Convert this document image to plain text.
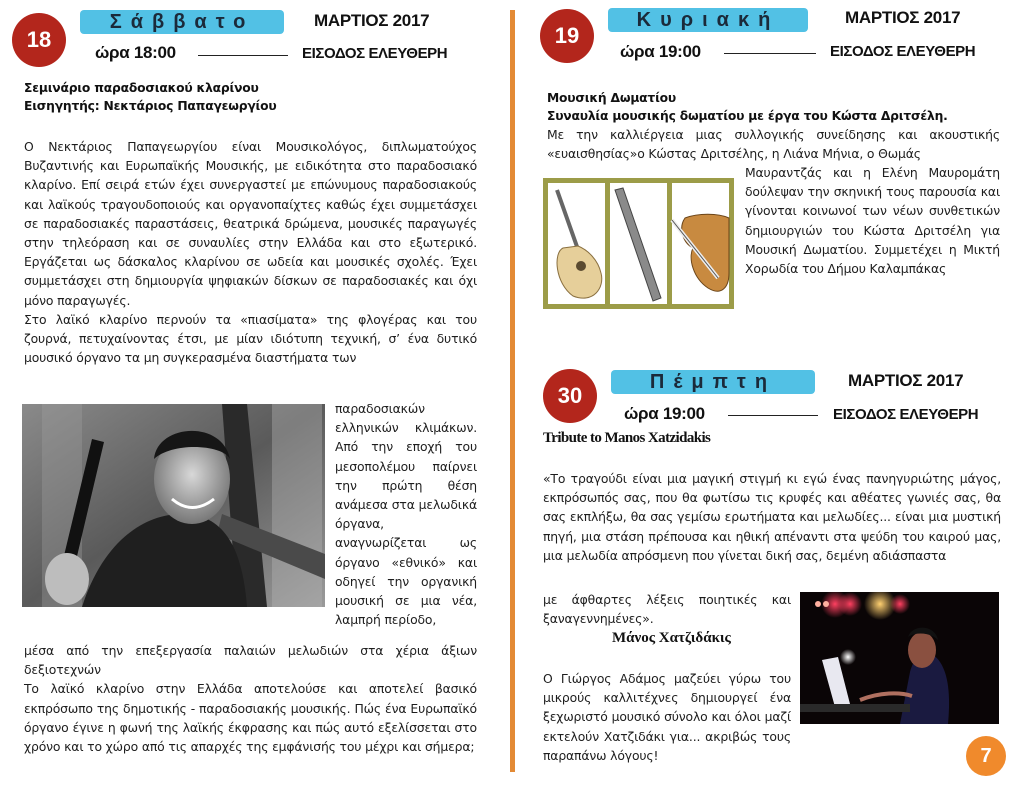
18
Σάββατο	ΜΑΡΤΙΟΣ 2017
ώρα 18:00	ΕΙΣΟΔΟΣ ΕΛΕΥΘΕΡΗ
Σεμινάριο παραδοσιακού κλαρίνου
Εισηγητής: Νεκτάριος Παπαγεωργίου

Ο Νεκτάριος Παπαγεωργίου είναι Μουσικολόγος, διπλωματούχος Βυζαντινής και Ευρωπαϊκής Μουσικής, με ειδικότητα στο παραδοσιακό κλαρίνο. Επί σειρά ετών έχει συνεργαστεί με επώνυμους παραδοσιακούς και λαϊκούς τραγουδοποιούς και οργανοπαίχτες καθώς έχει συμμετάσχει σε παραδοσιακές παραστάσεις, θεατρικά δρώμενα, μουσικές παραγωγές στην τηλεόραση και σε συναυλίες στην Ελλάδα και στο εξωτερικό. Εργάζεται ως δάσκαλος κλαρίνου σε ωδεία και μουσικές σχολές. Έχει συμμετάσχει στη δημιουργία ψηφιακών δίσκων σε παραδοσιακές και όχι μόνο παραγωγές.

Στο λαϊκό κλαρίνο περνούν τα «πιασίματα» της φλογέρας και του ζουρνά, πετυχαίνοντας έτσι, με μίαν ιδιότυπη τεχνική, σ’ ένα δυτικό μουσικό όργανο τα μη συγκερασμένα διαστήματα των

παραδοσιακών ελληνικών κλιμάκων. Από την εποχή του μεσοπολέμου παίρνει την πρώτη θέση ανάμεσα στα μελωδικά όργανα, αναγνωρίζεται ως όργανο «εθνικό» και οδηγεί την οργανική μουσική σε μια νέα, λαμπρή περίοδο,

μέσα από την επεξεργασία παλαιών μελωδιών στα χέρια άξιων δεξιοτεχνών

Το λαϊκό κλαρίνο στην Ελλάδα αποτελούσε και αποτελεί βασικό εκπρόσωπο της δημοτικής - παραδοσιακής μουσικής. Πώς ένα Ευρωπαϊκό όργανο έγινε η φωνή της λαϊκής έκφρασης και πώς αυτό εξελίσσεται στο χρόνο και το χώρο από τις απαρχές της εμφάνισής του μέχρι και σήμερα;

19
Κυριακή	ΜΑΡΤΙΟΣ 2017
ώρα 19:00	ΕΙΣΟΔΟΣ ΕΛΕΥΘΕΡΗ
Μουσική Δωματίου
Συναυλία μουσικής δωματίου με έργα του Κώστα Δριτσέλη.

Με την καλλιέργεια μιας συλλογικής συνείδησης και ακουστικής «ευαισθησίας»ο Κώστας Δριτσέλης, η Λιάνα Μήνια, ο Θωμάς

Μαυραντζάς και η Ελένη Μαυρομάτη δούλεψαν την σκηνική τους παρουσία και γίνονται κοινωνοί των νέων συνθετικών δημιουργιών του Κώστα Δριτσέλη για Μουσική Δωματίου. Συμμετέχει η Μικτή Χορωδία του Δήμου Καλαμπάκας

30
Πέμπτη	ΜΑΡΤΙΟΣ 2017
ώρα 19:00	ΕΙΣΟΔΟΣ ΕΛΕΥΘΕΡΗ
Tribute to Manos Xatzidakis

«Το τραγούδι είναι μια μαγική στιγμή κι εγώ ένας πανηγυριώτης μάγος, εκπρόσωπός σας, που θα φωτίσω τις κρυφές και αθέατες γωνιές σας, θα σας εκπλήξω, θα σας γεμίσω ερωτήματα και μελωδίες... είναι μια μυστική πηγή, μια στάση πρέπουσα και ηθική απέναντι στα ψεύδη του καιρού μας, μια μελωδία απρόσμενη που γίνεται δική σας, δεμένη αδιάσπαστα

με άφθαρτες λέξεις ποιητικές και ξαναγεννημένες».

Μάνος Χατζιδάκις

Ο Γιώργος Αδάμος μαζεύει γύρω του μικρούς καλλιτέχνες δημιουργεί ένα ξεχωριστό μουσικό σύνολο και όλοι μαζί εκτελούν Χατζιδάκι για... ακριβώς τους παραπάνω λόγους!	7
